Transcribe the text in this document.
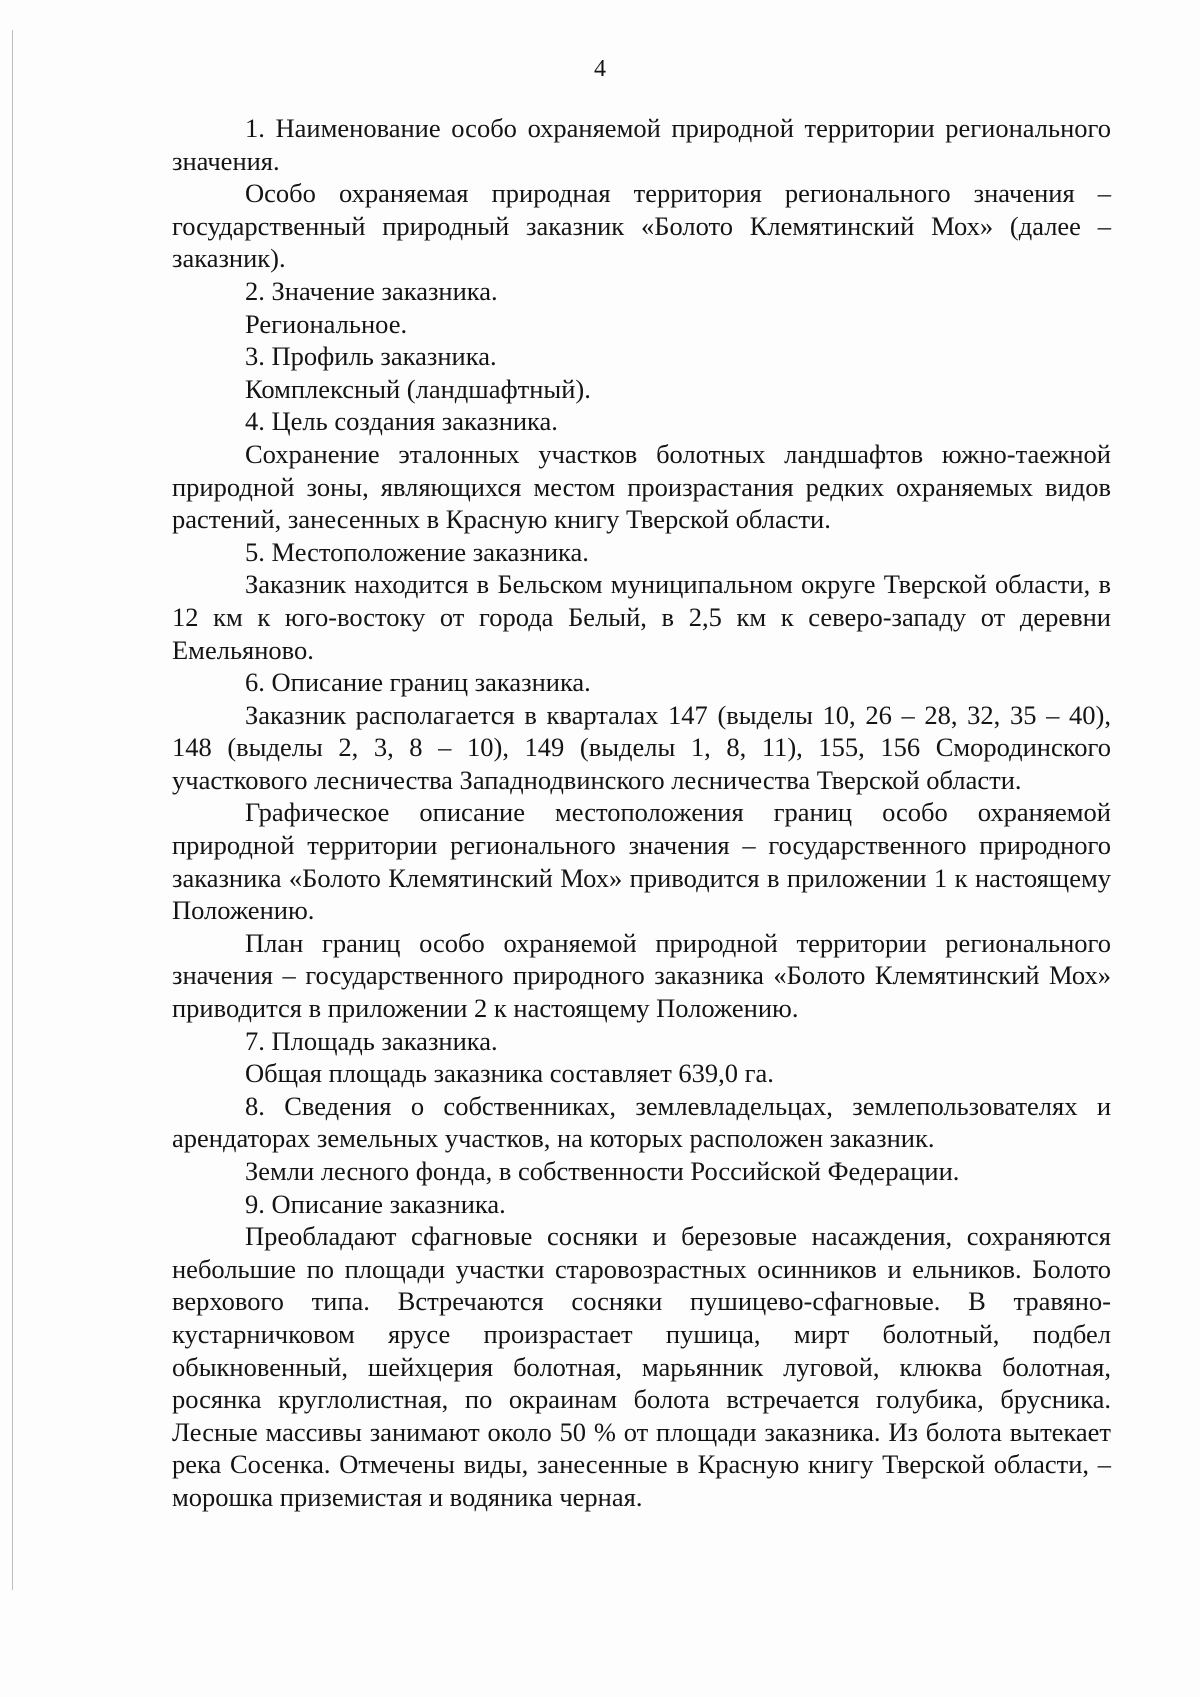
4

1. Наименование особо охраняемой природной территории регионального значения.

Особо охраняемая природная территория регионального значения – государственный природный заказник «Болото Клемятинский Мох» (далее – заказник).

2. Значение заказника.

Региональное.

3. Профиль заказника.

Комплексный (ландшафтный).

4. Цель создания заказника.

Сохранение эталонных участков болотных ландшафтов южно-таежной природной зоны, являющихся местом произрастания редких охраняемых видов растений, занесенных в Красную книгу Тверской области.

5. Местоположение заказника.

Заказник находится в Бельском муниципальном округе Тверской области, в 12 км к юго-востоку от города Белый, в 2,5 км к северо-западу от деревни Емельяново.

6. Описание границ заказника.

Заказник располагается в кварталах 147 (выделы 10, 26 – 28, 32, 35 – 40), 148 (выделы 2, 3, 8 – 10), 149 (выделы 1, 8, 11), 155, 156 Смородинского участкового лесничества Западнодвинского лесничества Тверской области.

Графическое описание местоположения границ особо охраняемой природной территории регионального значения – государственного природного заказника «Болото Клемятинский Мох» приводится в приложении 1 к настоящему Положению.

План границ особо охраняемой природной территории регионального значения – государственного природного заказника «Болото Клемятинский Мох» приводится в приложении 2 к настоящему Положению.

7. Площадь заказника.

Общая площадь заказника составляет 639,0 га.

8. Сведения о собственниках, землевладельцах, землепользователях и арендаторах земельных участков, на которых расположен заказник.

Земли лесного фонда, в собственности Российской Федерации.

9. Описание заказника.

Преобладают сфагновые сосняки и березовые насаждения, сохраняются небольшие по площади участки старовозрастных осинников и ельников. Болото верхового типа. Встречаются сосняки пушицево-сфагновые. В травяно-кустарничковом ярусе произрастает пушица, мирт болотный, подбел обыкновенный, шейхцерия болотная, марьянник луговой, клюква болотная, росянка круглолистная, по окраинам болота встречается голубика, брусника. Лесные массивы занимают около 50 % от площади заказника. Из болота вытекает река Сосенка. Отмечены виды, занесенные в Красную книгу Тверской области, – морошка приземистая и водяника черная.
